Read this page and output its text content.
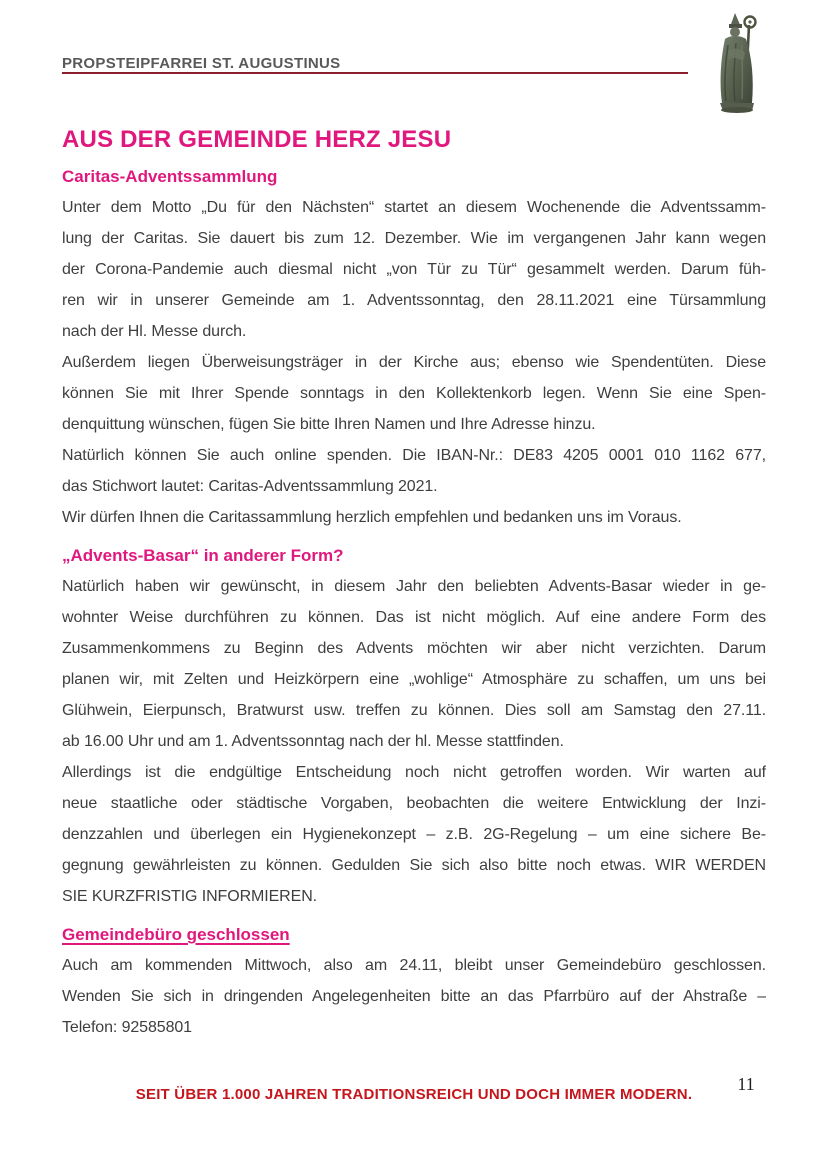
PROPSTEIPFARREI ST. AUGUSTINUS
AUS DER GEMEINDE HERZ JESU
Caritas-Adventssammlung
Unter dem Motto „Du für den Nächsten“ startet an diesem Wochenende die Adventssamm-
lung der Caritas. Sie dauert bis zum 12. Dezember. Wie im vergangenen Jahr kann wegen
der Corona-Pandemie auch diesmal nicht „von Tür zu Tür“ gesammelt werden. Darum füh-
ren wir in unserer Gemeinde am 1. Adventssonntag, den 28.11.2021 eine Türsammlung
nach der Hl. Messe durch.
Außerdem liegen Überweisungsträger in der Kirche aus; ebenso wie Spendentüten. Diese
können Sie mit Ihrer Spende sonntags in den Kollektenkorb legen. Wenn Sie eine Spen-
denquittung wünschen, fügen Sie bitte Ihren Namen und Ihre Adresse hinzu.
Natürlich können Sie auch online spenden. Die IBAN-Nr.: DE83 4205 0001 010 1162 677,
das Stichwort lautet: Caritas-Adventssammlung 2021.
Wir dürfen Ihnen die Caritassammlung herzlich empfehlen und bedanken uns im Voraus.
„Advents-Basar“ in anderer Form?
Natürlich haben wir gewünscht, in diesem Jahr den beliebten Advents-Basar wieder in ge-
wohnter Weise durchführen zu können. Das ist nicht möglich. Auf eine andere Form des
Zusammenkommens zu Beginn des Advents möchten wir aber nicht verzichten. Darum
planen wir, mit Zelten und Heizkörpern eine „wohlige“ Atmosphäre zu schaffen, um uns bei
Glühwein, Eierpunsch, Bratwurst usw. treffen zu können. Dies soll am Samstag den 27.11.
ab 16.00 Uhr und am 1. Adventssonntag nach der hl. Messe stattfinden.
Allerdings ist die endgültige Entscheidung noch nicht getroffen worden. Wir warten auf
neue staatliche oder städtische Vorgaben, beobachten die weitere Entwicklung der Inzi-
denzzahlen und überlegen ein Hygienekonzept – z.B. 2G-Regelung – um eine sichere Be-
gegnung gewährleisten zu können. Gedulden Sie sich also bitte noch etwas. WIR WERDEN
SIE KURZFRISTIG INFORMIEREN.
Gemeindebüro geschlossen
Auch am kommenden Mittwoch, also am 24.11, bleibt unser Gemeindebüro geschlossen.
Wenden Sie sich in dringenden Angelegenheiten bitte an das Pfarrbüro auf der Ahstraße –
Telefon: 92585801
SEIT ÜBER 1.000 JAHREN TRADITIONSREICH UND DOCH IMMER MODERN.
11
